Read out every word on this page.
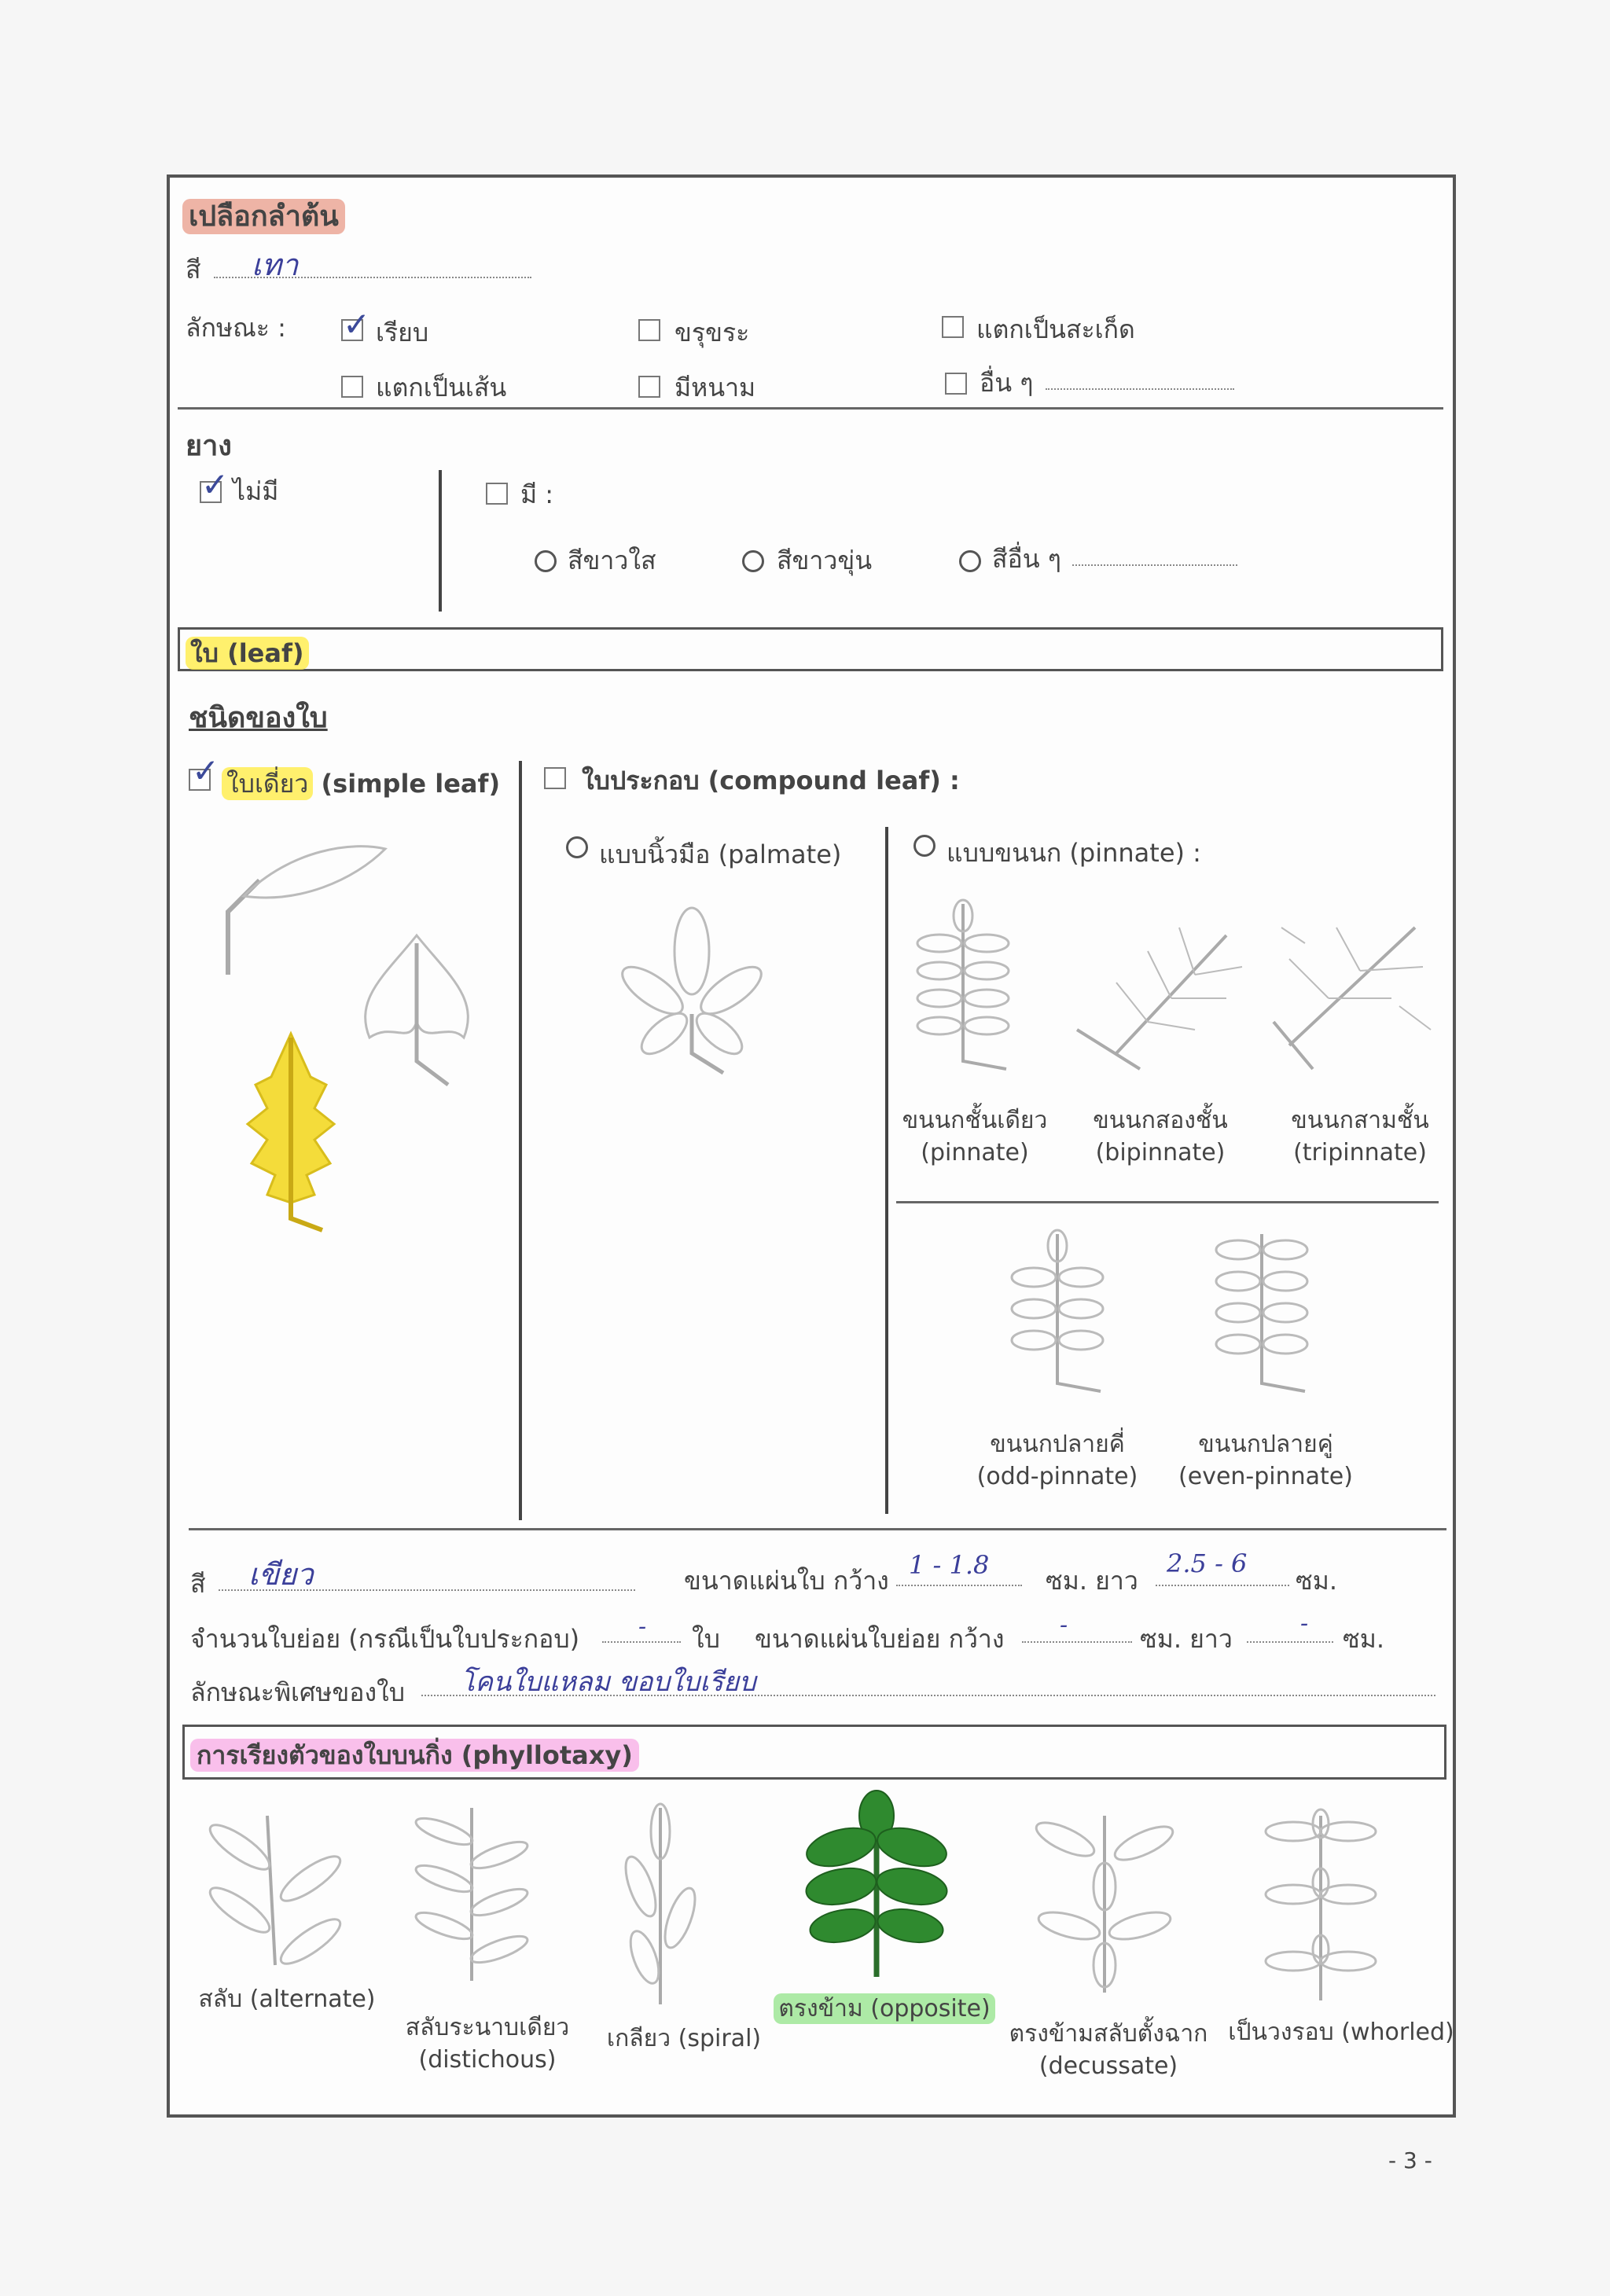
เปลือกลำต้น
สี เทา
ลักษณะ : ✓ เรียบ	ขรุขระ	แตกเป็นสะเก็ด
แตกเป็นเส้น	มีหนาม	อื่น ๆ
ยาง
✓ ไม่มี	มี :
สีขาวใส	สีขาวขุ่น	สีอื่น ๆ
ใบ (leaf)
ชนิดของใบ
✓ ใบเดี่ยว (simple leaf)	ใบประกอบ (compound leaf) :
แบบนิ้วมือ (palmate)	แบบขนนก (pinnate) :
ขนนกชั้นเดียว
(pinnate)
ขนนกสองชั้น
(bipinnate)
ขนนกสามชั้น
(tripinnate)
ขนนกปลายคี่
(odd-pinnate)
ขนนกปลายคู่
(even-pinnate)
สี เขียว	ขนาดแผ่นใบ กว้าง
1 - 1.8
ซม. ยาว
2.5 - 6
ซม.
จำนวนใบย่อย (กรณีเป็นใบประกอบ) - ใบ ขนาดแผ่นใบย่อย กว้าง -	ซม. ยาว
-
ซม.
ลักษณะพิเศษของใบ โคนใบแหลม ขอบใบเรียบ
การเรียงตัวของใบบนกิ่ง (phyllotaxy)
สลับ (alternate)
สลับระนาบเดียว
(distichous)
เกลียว (spiral)
ตรงข้าม (opposite)
ตรงข้ามสลับตั้งฉาก
(decussate)
เป็นวงรอบ (whorled)
- 3 -
